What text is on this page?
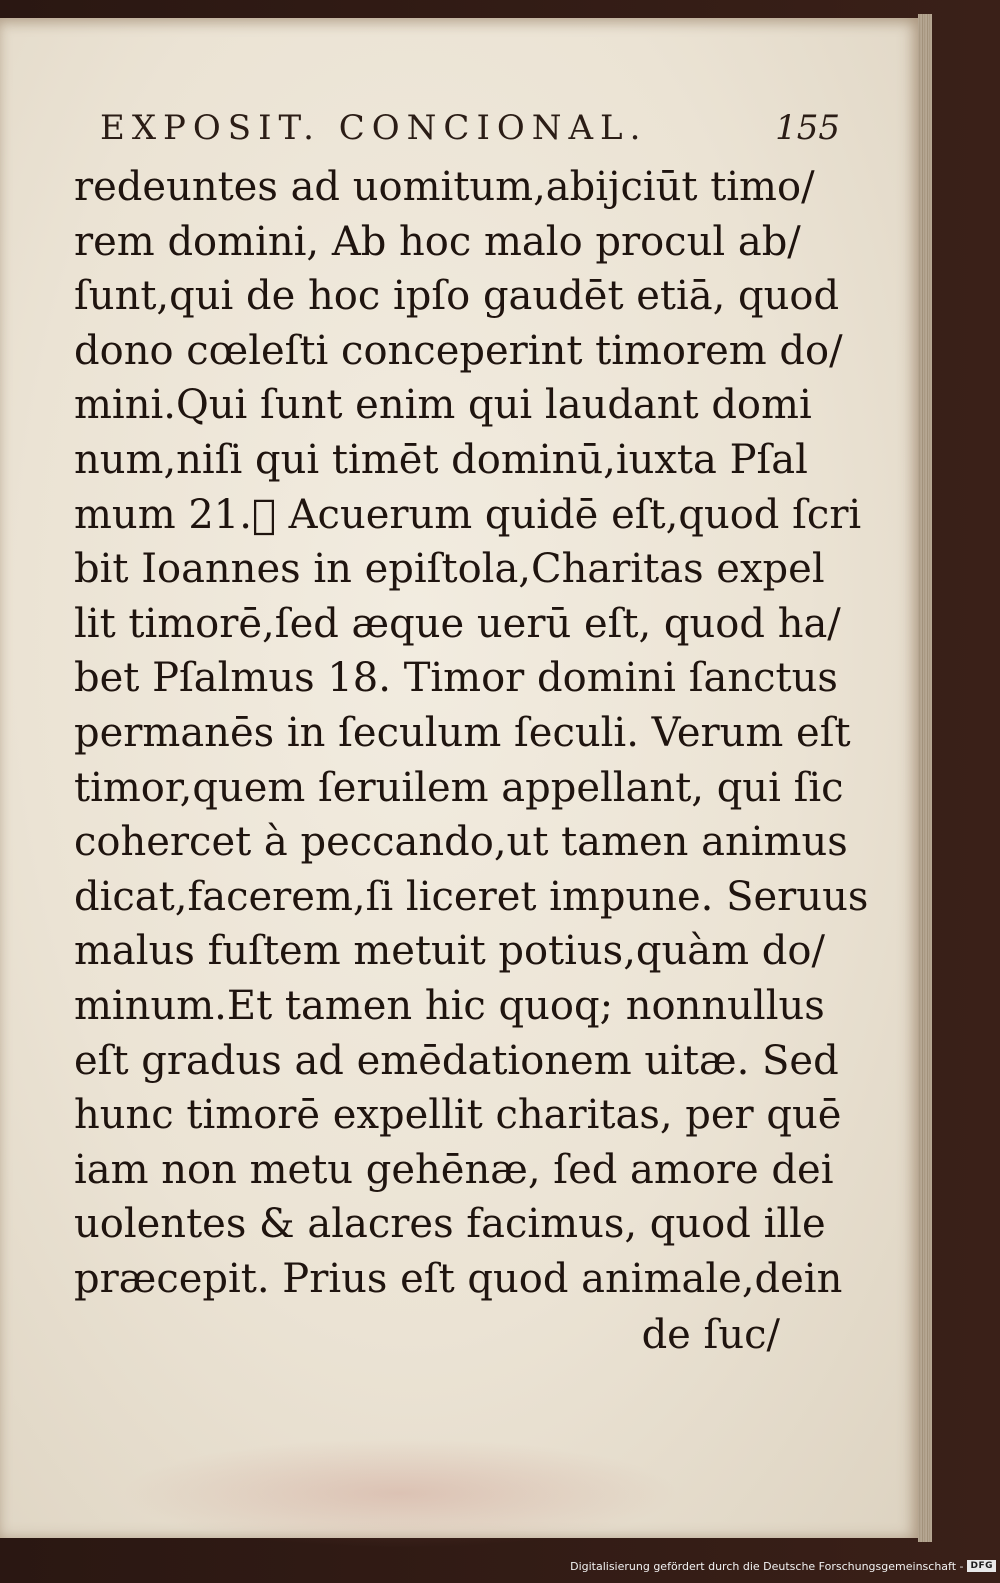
EXPOSIT. CONCIONAL.	155
redeuntes ad uomitum,abijciūt timo/
rem domini, Ab hoc malo procul ab/
ſunt,qui de hoc ipſo gaudēt etiā, quod
dono cœleſti conceperint timorem do/
mini.Qui ſunt enim qui laudant domi
num,niſi qui timēt dominū,iuxta Pſal
mum 21.ᷓ Acuerum quidē eſt,quod ſcri
bit Ioannes in epiſtola,Charitas expel
lit timorē,ſed æque uerū eſt, quod ha/
bet Pſalmus 18. Timor domini ſanctus
permanēs in ſeculum ſeculi. Verum eſt
timor,quem ſeruilem appellant, qui ſic
cohercet à peccando,ut tamen animus
dicat,facerem,ſi liceret impune. Seruus
malus fuſtem metuit potius,quàm do/
minum.Et tamen hic quoq; nonnullus
eſt gradus ad emēdationem uitæ. Sed
hunc timorē expellit charitas, per quē
iam non metu gehēnæ, ſed amore dei
uolentes & alacres facimus, quod ille
præcepit. Prius eſt quod animale,dein
de ſuc/
Digitalisierung gefördert durch die Deutsche Forschungsgemeinschaft - DFG
